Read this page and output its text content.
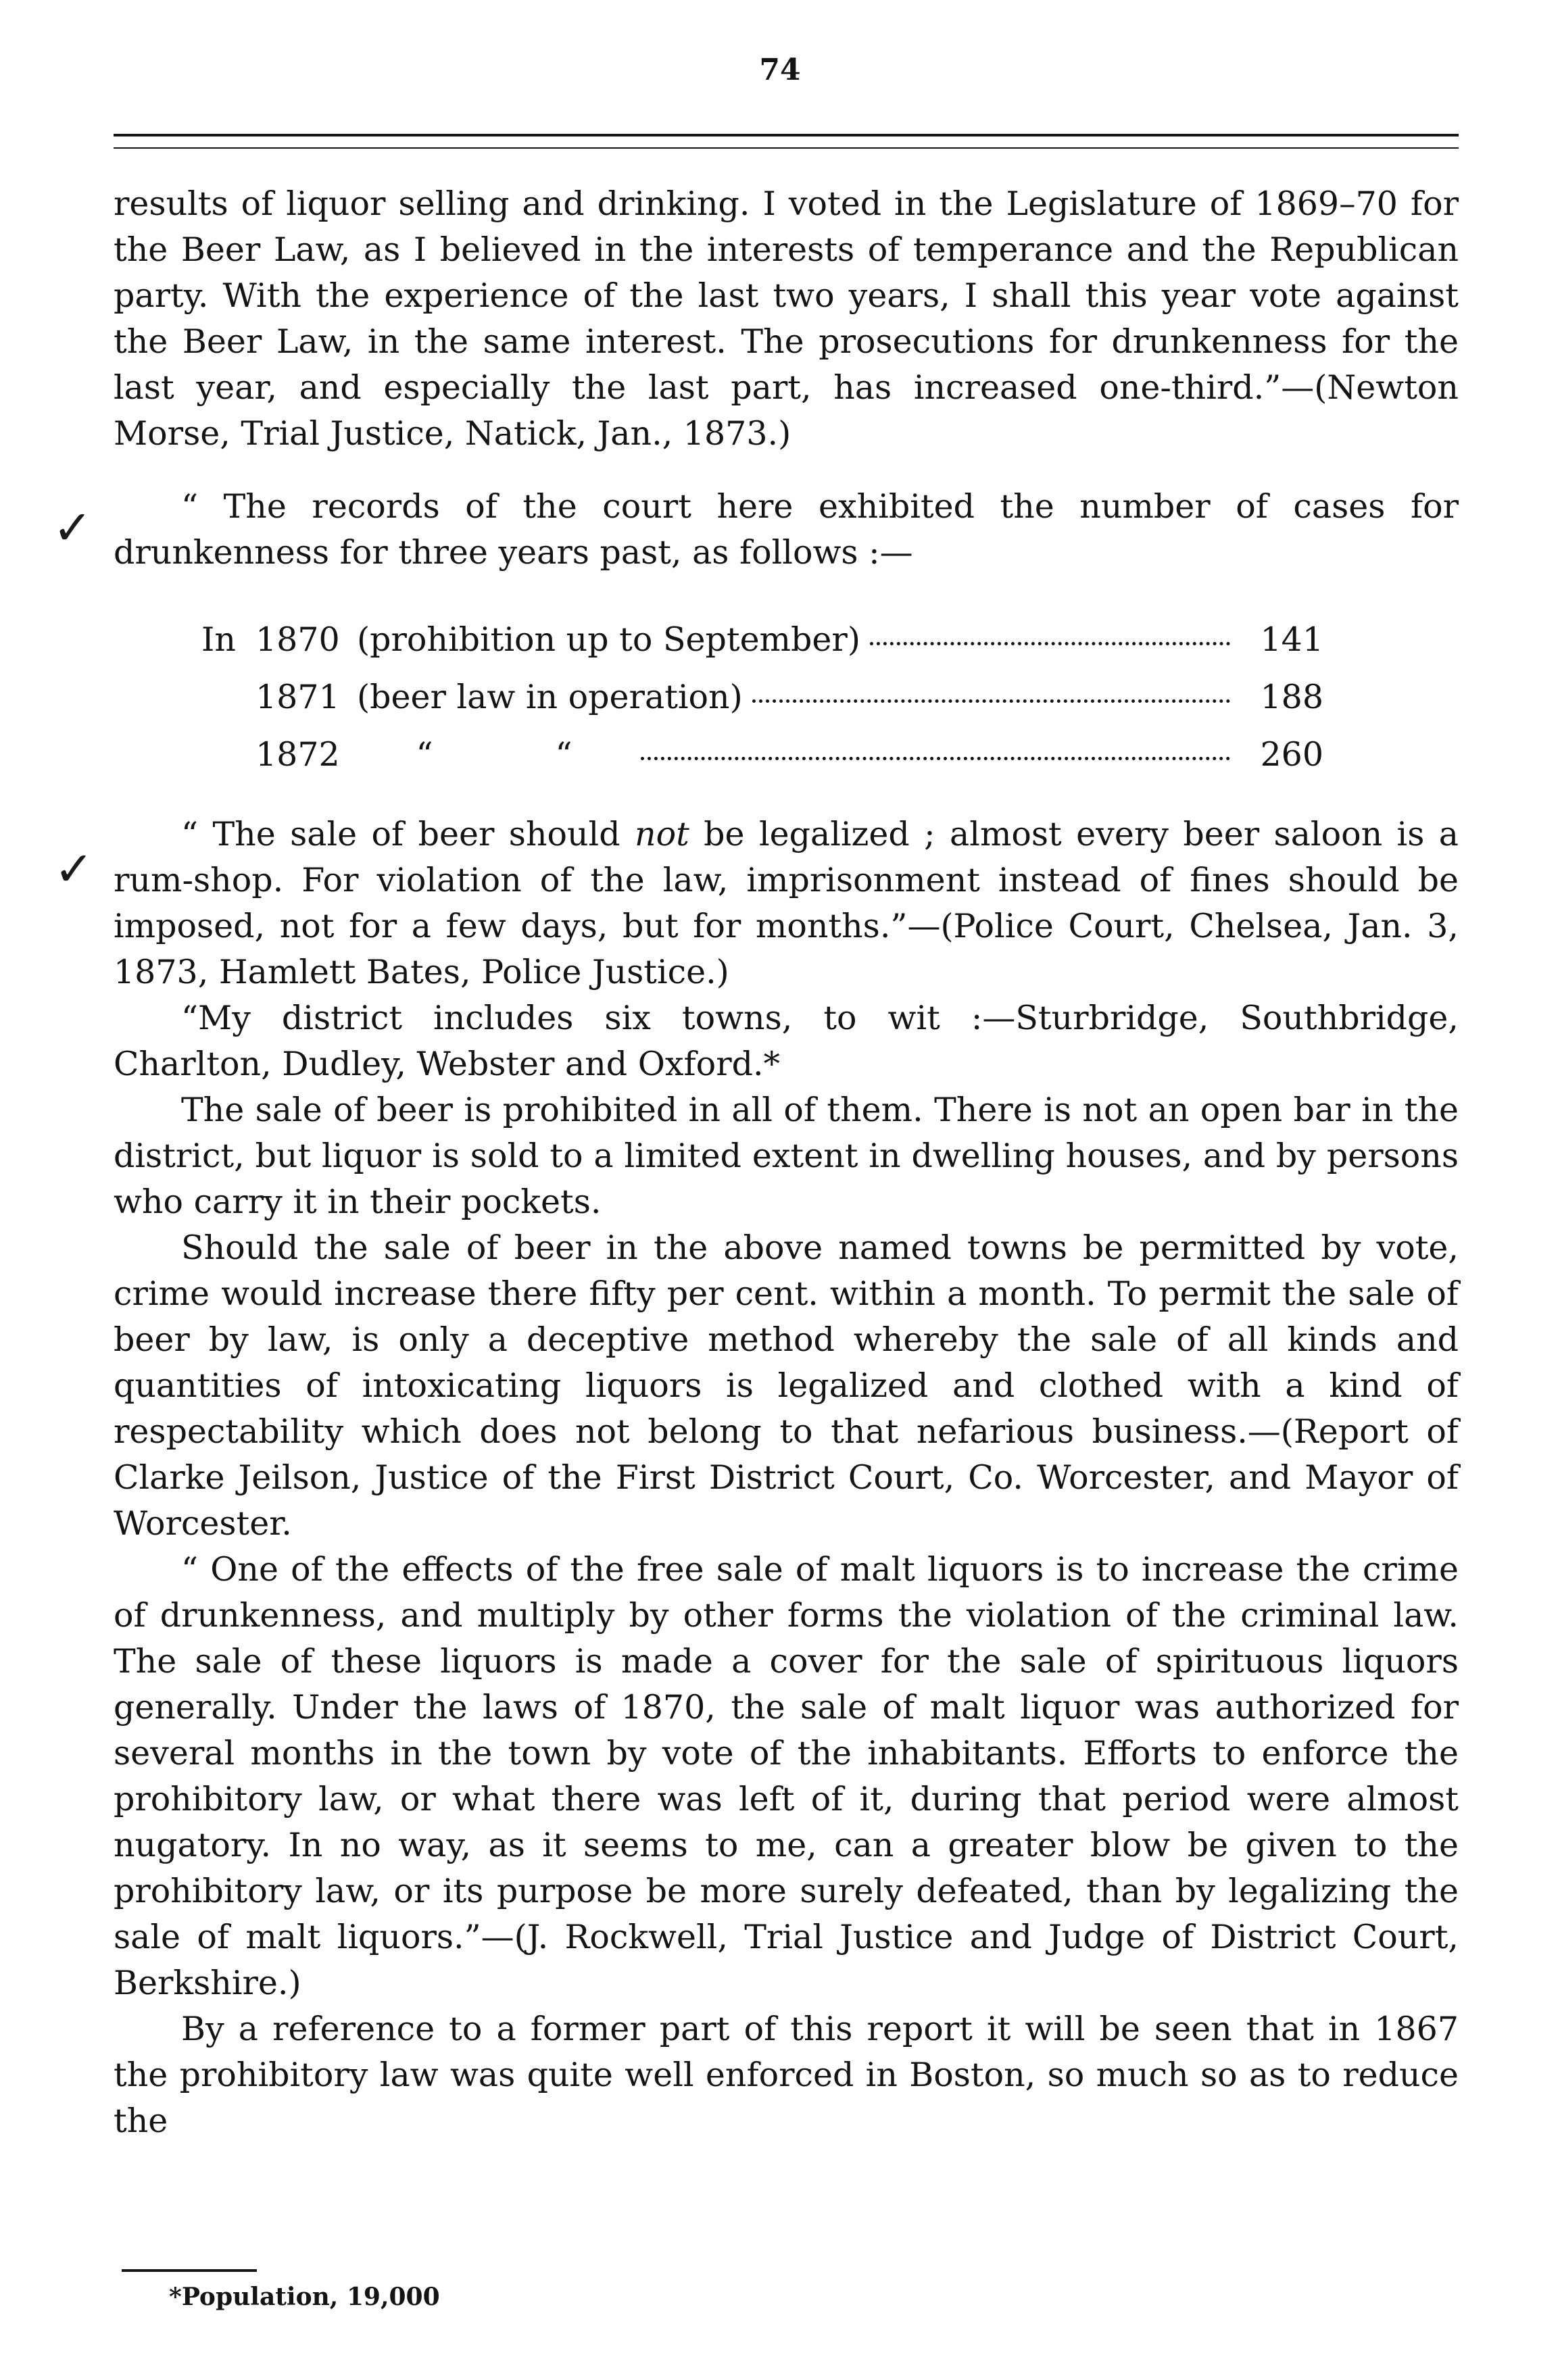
74
✓
✓

results of liquor selling and drinking. I voted in the Legislature of 1869–70 for the Beer Law, as I believed in the interests of temperance and the Republican party. With the experience of the last two years, I shall this year vote against the Beer Law, in the same interest. The prosecutions for drunkenness for the last year, and especially the last part, has increased one-third.”—(Newton Morse, Trial Justice, Natick, Jan., 1873.)

“ The records of the court here exhibited the number of cases for drunkenness for three years past, as follows :—

In 1870	(prohibition up to September)	141
1871	(beer law in operation)	188
1872	“ “	260

“ The sale of beer should not be legalized ; almost every beer saloon is a rum-shop. For violation of the law, imprisonment instead of fines should be imposed, not for a few days, but for months.”—(Police Court, Chelsea, Jan. 3, 1873, Hamlett Bates, Police Justice.)

“My district includes six towns, to wit :—Sturbridge, Southbridge, Charlton, Dudley, Webster and Oxford.*

The sale of beer is prohibited in all of them. There is not an open bar in the district, but liquor is sold to a limited extent in dwelling houses, and by persons who carry it in their pockets.

Should the sale of beer in the above named towns be permitted by vote, crime would increase there fifty per cent. within a month. To permit the sale of beer by law, is only a deceptive method whereby the sale of all kinds and quantities of intoxicating liquors is legalized and clothed with a kind of respectability which does not belong to that nefarious business.—(Report of Clarke Jeilson, Justice of the First District Court, Co. Worcester, and Mayor of Worcester.

“ One of the effects of the free sale of malt liquors is to increase the crime of drunkenness, and multiply by other forms the violation of the criminal law. The sale of these liquors is made a cover for the sale of spirituous liquors generally. Under the laws of 1870, the sale of malt liquor was authorized for several months in the town by vote of the inhabitants. Efforts to enforce the prohibitory law, or what there was left of it, during that period were almost nugatory. In no way, as it seems to me, can a greater blow be given to the prohibitory law, or its purpose be more surely defeated, than by legalizing the sale of malt liquors.”—(J. Rockwell, Trial Justice and Judge of District Court, Berkshire.)

By a reference to a former part of this report it will be seen that in 1867 the prohibitory law was quite well enforced in Boston, so much so as to reduce the

*Population, 19,000
